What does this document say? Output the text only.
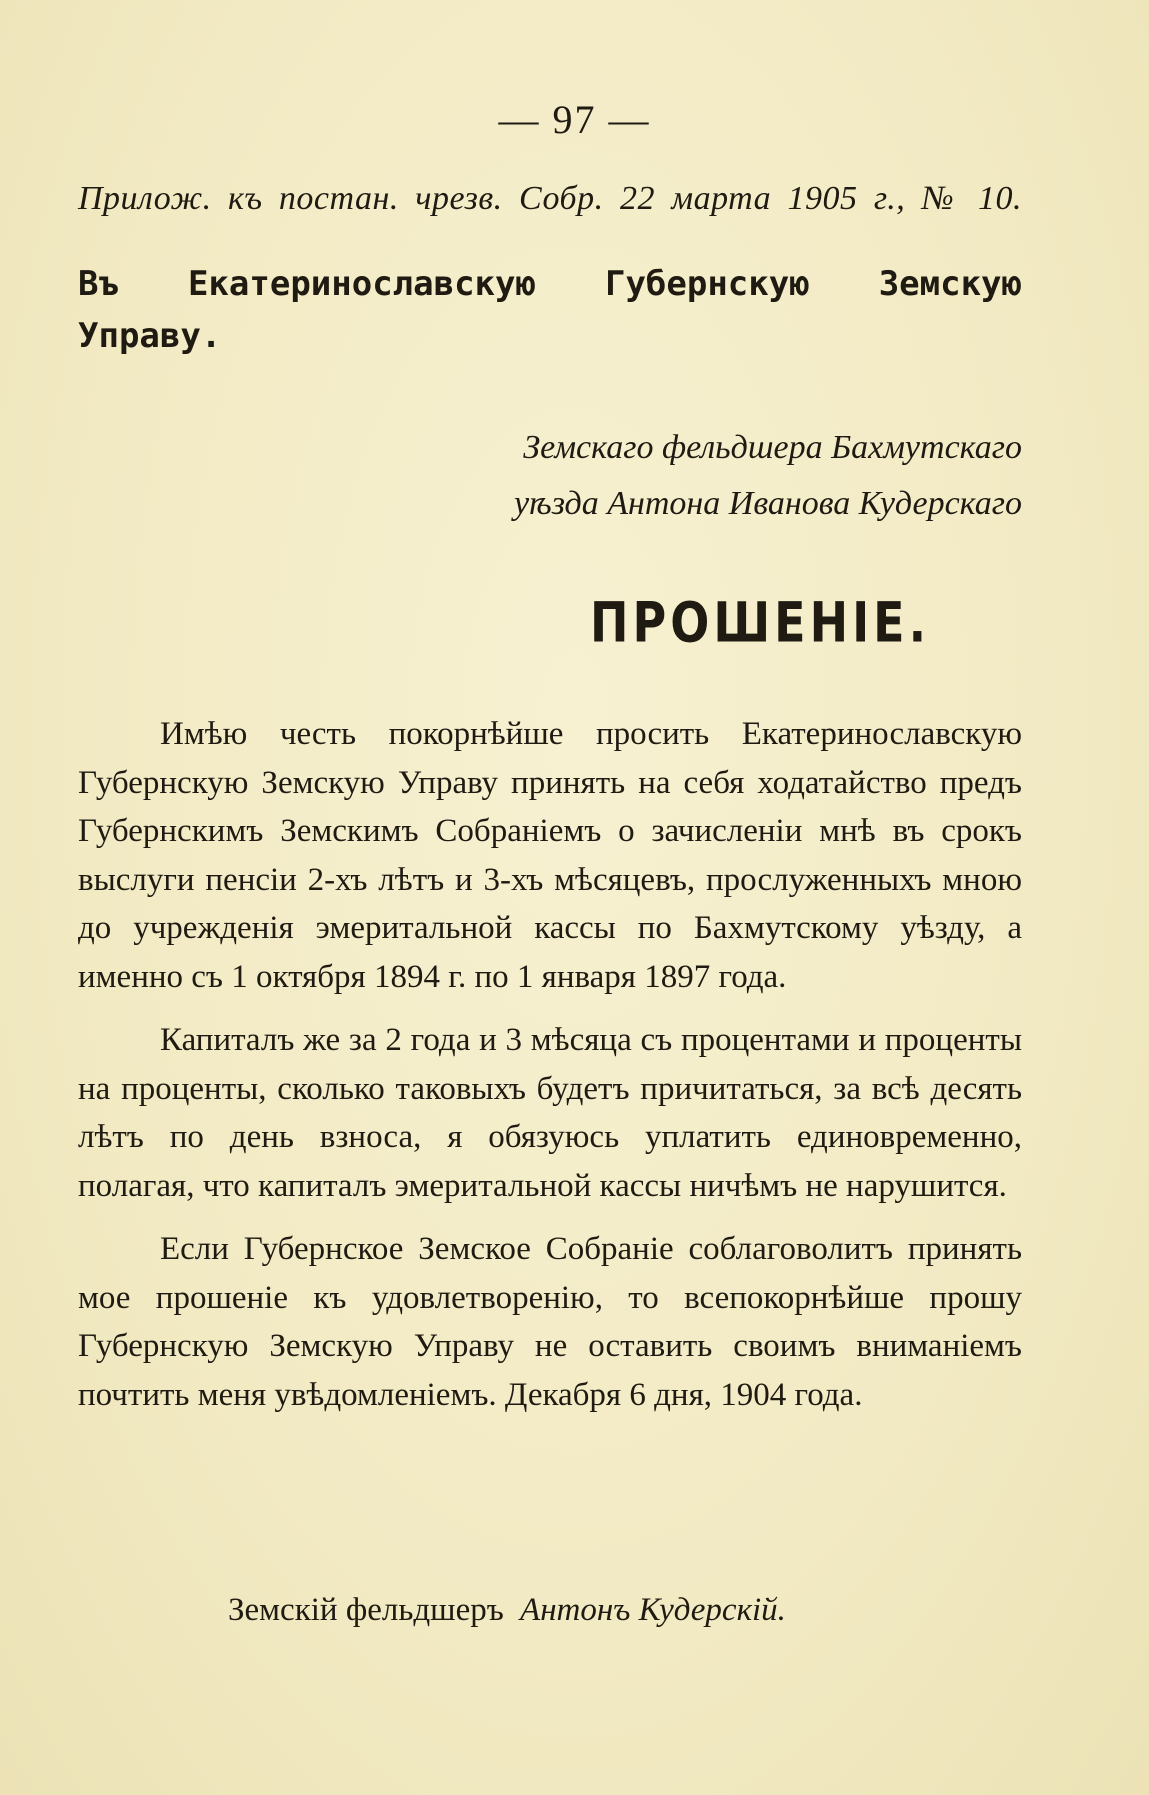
— 97 —
Прилож. къ постан. чрезв. Собр. 22 марта 1905 г., № 10.
Въ Екатеринославскую Губернскую Земскую Управу.
Земскаго фельдшера Бахмутскаго
уѣзда Антона Иванова Кудерскаго
ПРОШЕНІЕ.

Имѣю честь покорнѣйше просить Екатеринославскую Губернскую Земскую Управу принять на себя ходатайство предъ Губернскимъ Земскимъ Собраніемъ о зачисленіи мнѣ въ срокъ выслуги пенсіи 2-хъ лѣтъ и 3-хъ мѣсяцевъ, прослуженныхъ мною до учрежденія эмеритальной кассы по Бахмутскому уѣзду, а именно съ 1 октября 1894 г. по 1 января 1897 года.

Капиталъ же за 2 года и 3 мѣсяца съ процентами и проценты на проценты, сколько таковыхъ будетъ причитаться, за всѣ десять лѣтъ по день взноса, я обязуюсь уплатить единовременно, полагая, что капиталъ эмеритальной кассы ничѣмъ не нарушится.

Если Губернское Земское Собраніе соблаговолитъ принять мое прошеніе къ удовлетворенію, то всепокорнѣйше прошу Губернскую Земскую Управу не оставить своимъ вниманіемъ почтить меня увѣдомленіемъ. Декабря 6 дня, 1904 года.

Земскій фельдшеръ Антонъ Кудерскій.
